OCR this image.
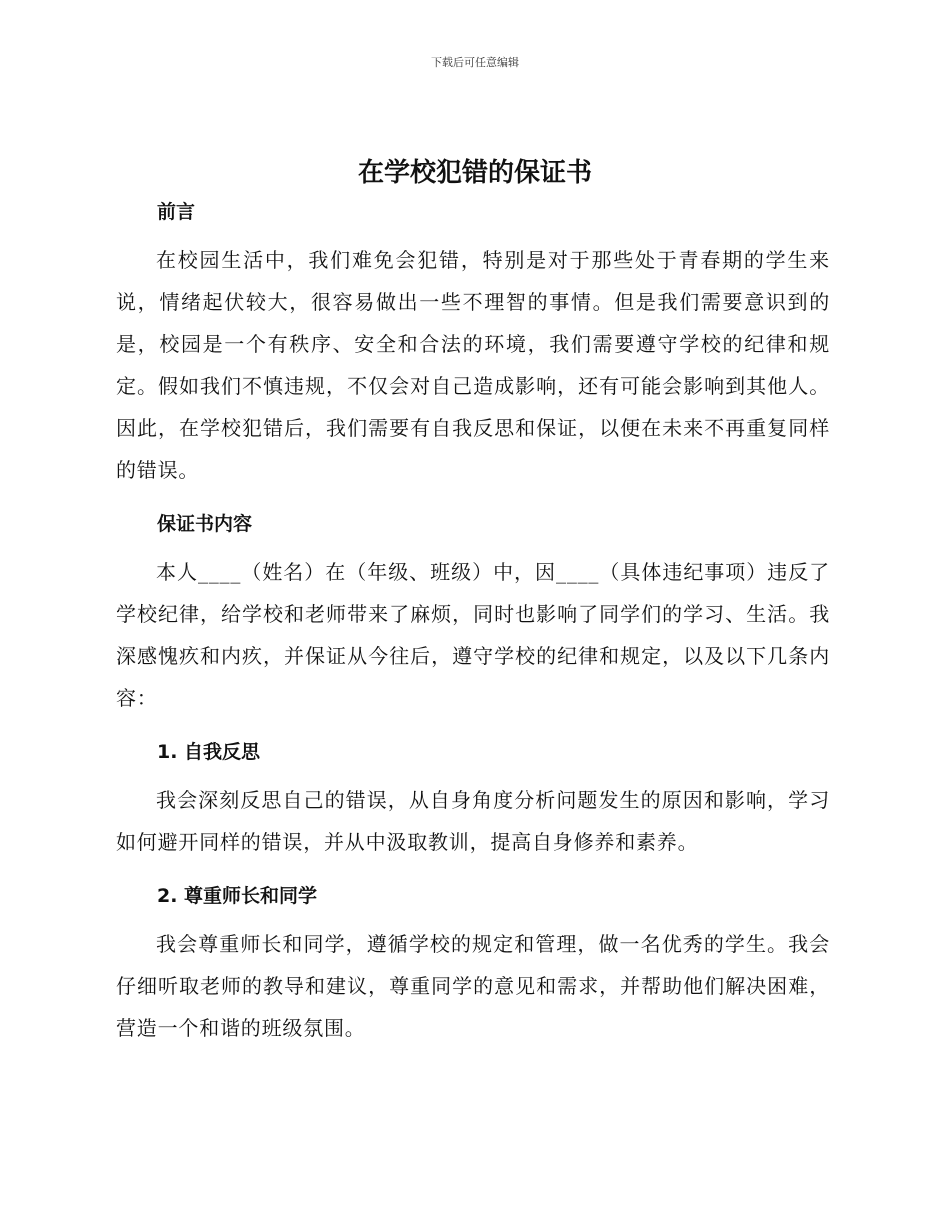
下载后可任意编辑
在学校犯错的保证书
前言

在校园生活中，我们难免会犯错，特别是对于那些处于青春期的学生来说，情绪起伏较大，很容易做出一些不理智的事情。但是我们需要意识到的是，校园是一个有秩序、安全和合法的环境，我们需要遵守学校的纪律和规定。假如我们不慎违规，不仅会对自己造成影响，还有可能会影响到其他人。因此，在学校犯错后，我们需要有自我反思和保证，以便在未来不再重复同样的错误。

保证书内容

本人____（姓名）在（年级、班级）中，因____（具体违纪事项）违反了学校纪律，给学校和老师带来了麻烦，同时也影响了同学们的学习、生活。我深感愧疚和内疚，并保证从今往后，遵守学校的纪律和规定，以及以下几条内容：

1. 自我反思

我会深刻反思自己的错误，从自身角度分析问题发生的原因和影响，学习如何避开同样的错误，并从中汲取教训，提高自身修养和素养。

2. 尊重师长和同学

我会尊重师长和同学，遵循学校的规定和管理，做一名优秀的学生。我会仔细听取老师的教导和建议，尊重同学的意见和需求，并帮助他们解决困难，营造一个和谐的班级氛围。
